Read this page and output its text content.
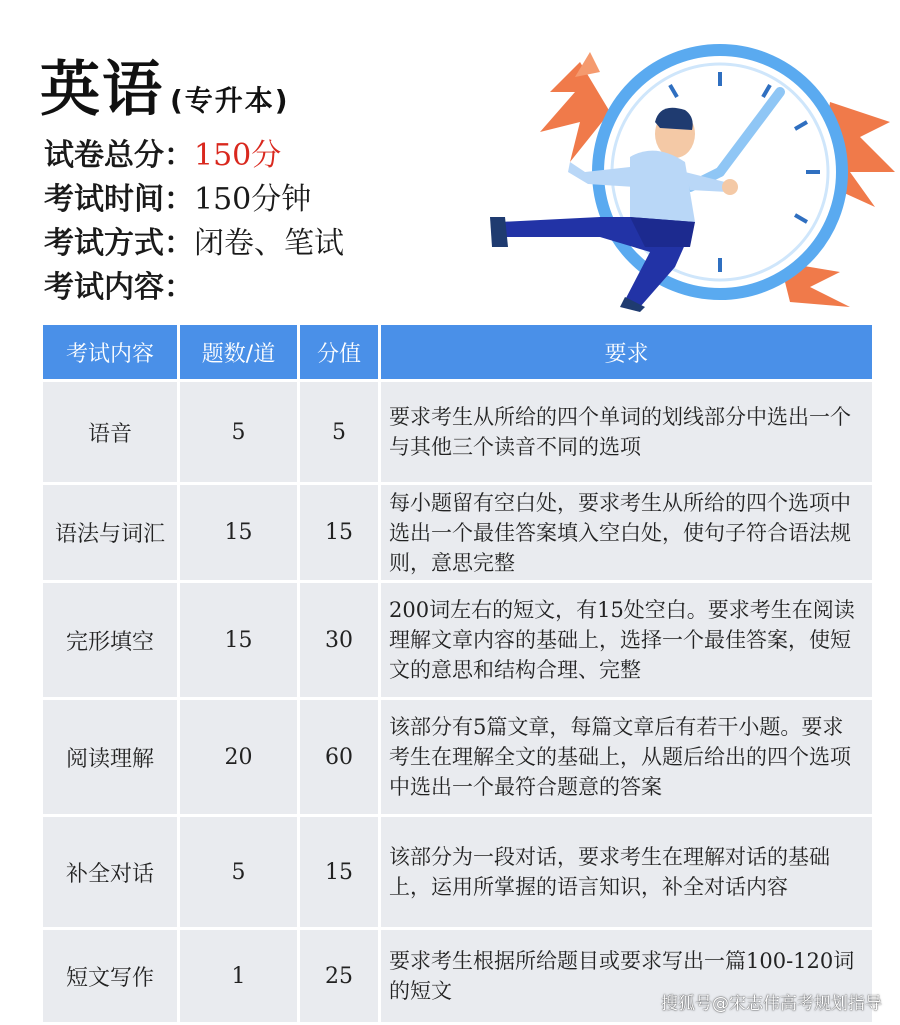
英语 (专升本)
试卷总分：150分
考试时间：150分钟
考试方式：闭卷、笔试
考试内容：
考试内容	题数/道	分值	要求
语音	5	5	要求考生从所给的四个单词的划线部分中选出一个与其他三个读音不同的选项
语法与词汇	15	15	每小题留有空白处，要求考生从所给的四个选项中选出一个最佳答案填入空白处，使句子符合语法规则，意思完整
完形填空	15	30	200词左右的短文，有15处空白。要求考生在阅读理解文章内容的基础上，选择一个最佳答案，使短文的意思和结构合理、完整
阅读理解	20	60	该部分有5篇文章，每篇文章后有若干小题。要求考生在理解全文的基础上，从题后给出的四个选项中选出一个最符合题意的答案
补全对话	5	15	该部分为一段对话，要求考生在理解对话的基础上，运用所掌握的语言知识，补全对话内容
短文写作	1	25	要求考生根据所给题目或要求写出一篇100-120词的短文
搜狐号@宋志伟高考规划指导
